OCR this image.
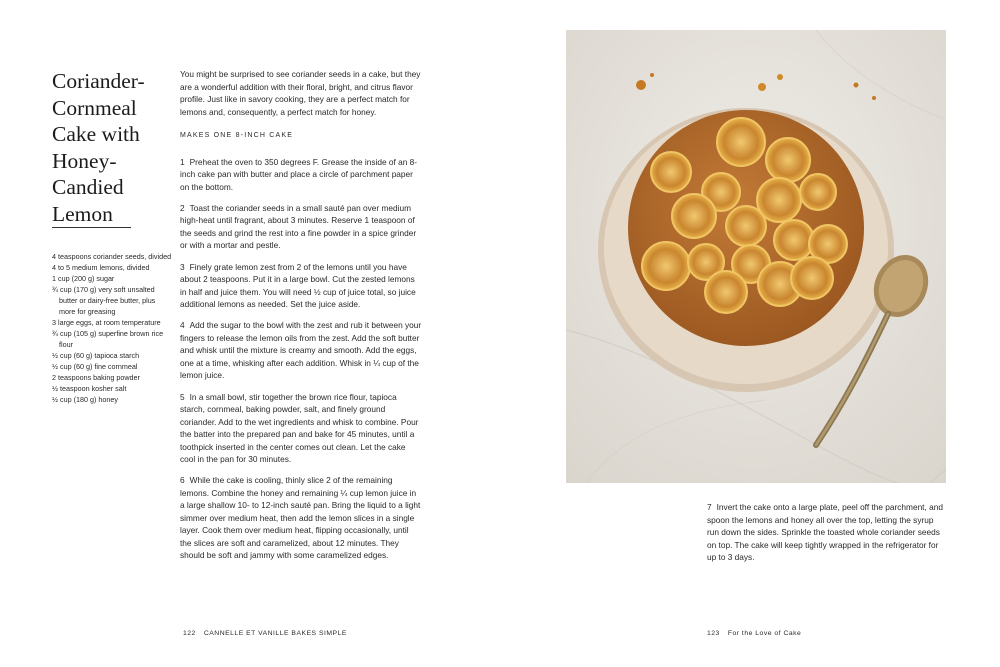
Coriander-
Cornmeal
Cake with
Honey-
Candied
Lemon
4 teaspoons coriander seeds, divided
4 to 5 medium lemons, divided
1 cup (200 g) sugar
¾ cup (170 g) very soft unsalted butter or dairy-free butter, plus more for greasing
3 large eggs, at room temperature
¾ cup (105 g) superfine brown rice flour
½ cup (60 g) tapioca starch
½ cup (60 g) fine cornmeal
2 teaspoons baking powder
½ teaspoon kosher salt
½ cup (180 g) honey

You might be surprised to see coriander seeds in a cake, but they are a wonderful addition with their floral, bright, and citrus flavor profile. Just like in savory cooking, they are a perfect match for lemons and, consequently, a perfect match for honey.

MAKES ONE 8-INCH CAKE

1 Preheat the oven to 350 degrees F. Grease the inside of an 8-inch cake pan with butter and place a circle of parchment paper on the bottom.

2 Toast the coriander seeds in a small sauté pan over medium high-heat until fragrant, about 3 minutes. Reserve 1 teaspoon of the seeds and grind the rest into a fine powder in a spice grinder or with a mortar and pestle.

3 Finely grate lemon zest from 2 of the lemons until you have about 2 teaspoons. Put it in a large bowl. Cut the zested lemons in half and juice them. You will need ½ cup of juice total, so juice additional lemons as needed. Set the juice aside.

4 Add the sugar to the bowl with the zest and rub it between your fingers to release the lemon oils from the zest. Add the soft butter and whisk until the mixture is creamy and smooth. Add the eggs, one at a time, whisking after each addition. Whisk in ¼ cup of the lemon juice.

5 In a small bowl, stir together the brown rice flour, tapioca starch, cornmeal, baking powder, salt, and finely ground coriander. Add to the wet ingredients and whisk to combine. Pour the batter into the prepared pan and bake for 45 minutes, until a toothpick inserted in the center comes out clean. Let the cake cool in the pan for 30 minutes.

6 While the cake is cooling, thinly slice 2 of the remaining lemons. Combine the honey and remaining ¼ cup lemon juice in a large shallow 10- to 12-inch sauté pan. Bring the liquid to a light simmer over medium heat, then add the lemon slices in a single layer. Cook them over medium heat, flipping occasionally, until the slices are soft and caramelized, about 12 minutes. They should be soft and jammy with some caramelized edges.

7 Invert the cake onto a large plate, peel off the parchment, and spoon the lemons and honey all over the top, letting the syrup run down the sides. Sprinkle the toasted whole coriander seeds on top. The cake will keep tightly wrapped in the refrigerator for up to 3 days.

122 CANNELLE ET VANILLE BAKES SIMPLE	123 For the Love of Cake
